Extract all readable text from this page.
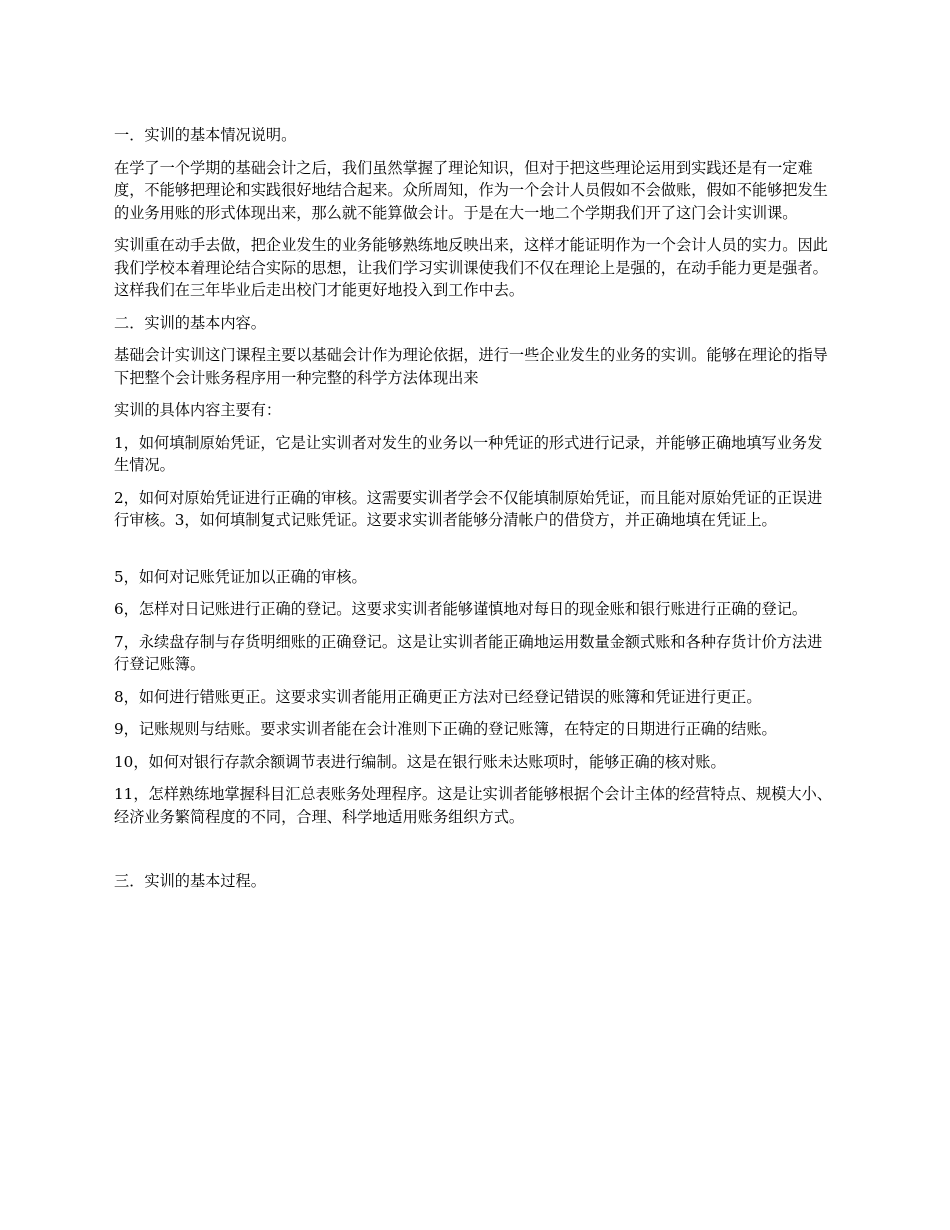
一．实训的基本情况说明。

在学了一个学期的基础会计之后，我们虽然掌握了理论知识，但对于把这些理论运用到实践还是有一定难度，不能够把理论和实践很好地结合起来。众所周知，作为一个会计人员假如不会做账，假如不能够把发生的业务用账的形式体现出来，那么就不能算做会计。于是在大一地二个学期我们开了这门会计实训课。

实训重在动手去做，把企业发生的业务能够熟练地反映出来，这样才能证明作为一个会计人员的实力。因此我们学校本着理论结合实际的思想，让我们学习实训课使我们不仅在理论上是强的，在动手能力更是强者。这样我们在三年毕业后走出校门才能更好地投入到工作中去。

二．实训的基本内容。

基础会计实训这门课程主要以基础会计作为理论依据，进行一些企业发生的业务的实训。能够在理论的指导下把整个会计账务程序用一种完整的科学方法体现出来

实训的具体内容主要有：

1，如何填制原始凭证，它是让实训者对发生的业务以一种凭证的形式进行记录，并能够正确地填写业务发生情况。

2，如何对原始凭证进行正确的审核。这需要实训者学会不仅能填制原始凭证，而且能对原始凭证的正误进行审核。3，如何填制复式记账凭证。这要求实训者能够分清帐户的借贷方，并正确地填在凭证上。

5，如何对记账凭证加以正确的审核。

6，怎样对日记账进行正确的登记。这要求实训者能够谨慎地对每日的现金账和银行账进行正确的登记。

7，永续盘存制与存货明细账的正确登记。这是让实训者能正确地运用数量金额式账和各种存货计价方法进行登记账簿。

8，如何进行错账更正。这要求实训者能用正确更正方法对已经登记错误的账簿和凭证进行更正。

9，记账规则与结账。要求实训者能在会计准则下正确的登记账簿，在特定的日期进行正确的结账。

10，如何对银行存款余额调节表进行编制。这是在银行账未达账项时，能够正确的核对账。

11，怎样熟练地掌握科目汇总表账务处理程序。这是让实训者能够根据个会计主体的经营特点、规模大小、经济业务繁简程度的不同，合理、科学地适用账务组织方式。

三．实训的基本过程。
